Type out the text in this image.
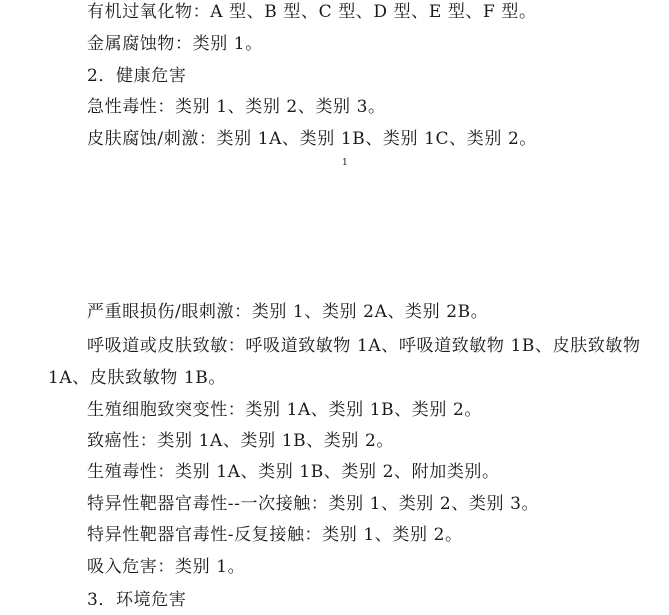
有机过氧化物：A 型、B 型、C 型、D 型、E 型、F 型。
金属腐蚀物：类别 1。
2．健康危害
急性毒性：类别 1、类别 2、类别 3。
皮肤腐蚀/刺激：类别 1A、类别 1B、类别 1C、类别 2。
1
严重眼损伤/眼刺激：类别 1、类别 2A、类别 2B。
呼吸道或皮肤致敏：呼吸道致敏物 1A、呼吸道致敏物 1B、皮肤致敏物
1A、皮肤致敏物 1B。
生殖细胞致突变性：类别 1A、类别 1B、类别 2。
致癌性：类别 1A、类别 1B、类别 2。
生殖毒性：类别 1A、类别 1B、类别 2、附加类别。
特异性靶器官毒性--一次接触：类别 1、类别 2、类别 3。
特异性靶器官毒性-反复接触：类别 1、类别 2。
吸入危害：类别 1。
3．环境危害
